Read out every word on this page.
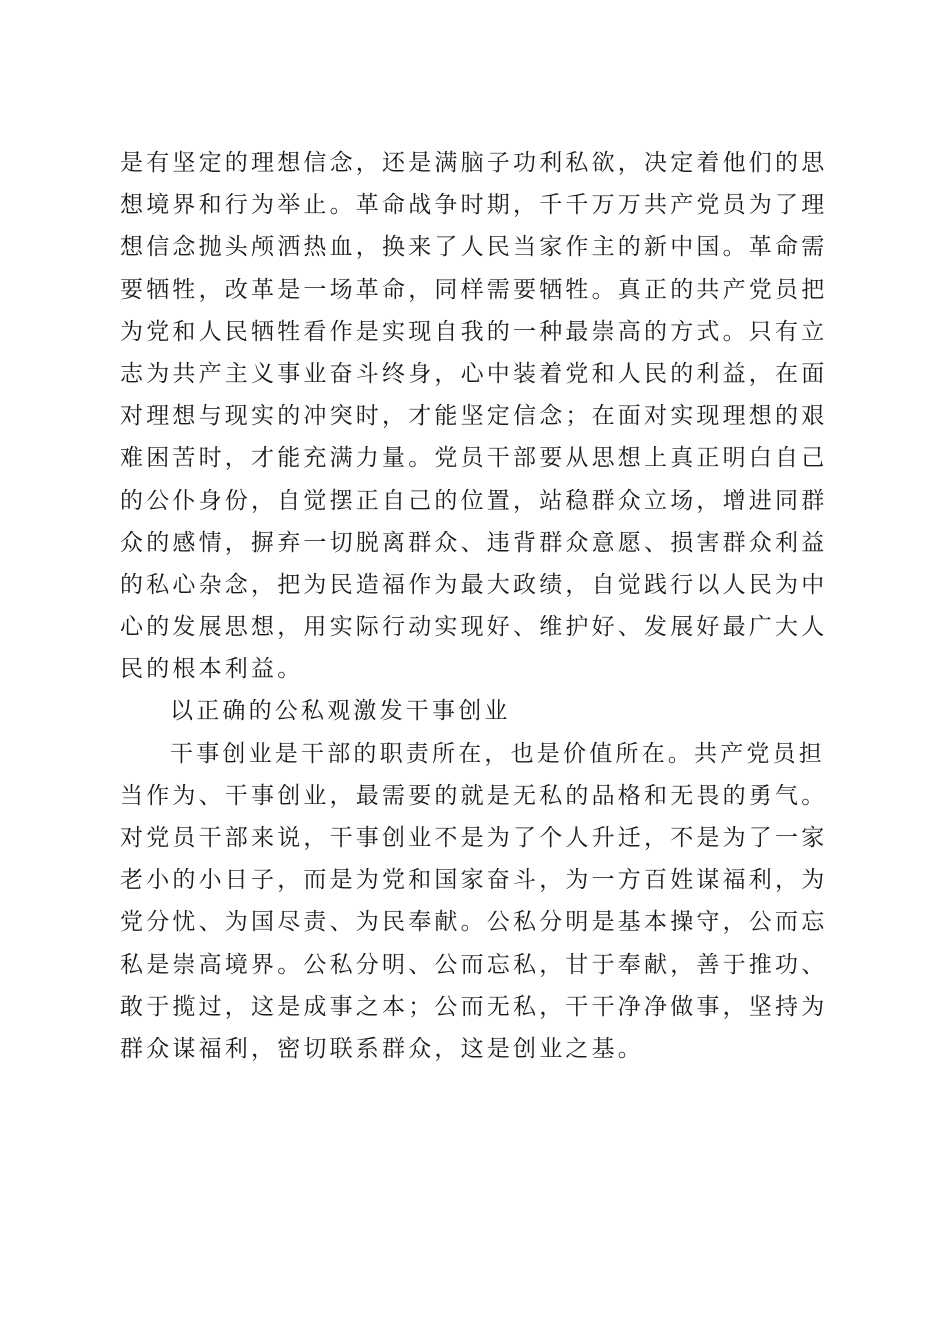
是有坚定的理想信念，还是满脑子功利私欲，决定着他们的思
想境界和行为举止。革命战争时期，千千万万共产党员为了理
想信念抛头颅洒热血，换来了人民当家作主的新中国。革命需
要牺牲，改革是一场革命，同样需要牺牲。真正的共产党员把
为党和人民牺牲看作是实现自我的一种最崇高的方式。只有立
志为共产主义事业奋斗终身，心中装着党和人民的利益，在面
对理想与现实的冲突时，才能坚定信念；在面对实现理想的艰
难困苦时，才能充满力量。党员干部要从思想上真正明白自己
的公仆身份，自觉摆正自己的位置，站稳群众立场，增进同群
众的感情，摒弃一切脱离群众、违背群众意愿、损害群众利益
的私心杂念，把为民造福作为最大政绩，自觉践行以人民为中
心的发展思想，用实际行动实现好、维护好、发展好最广大人
民的根本利益。
以正确的公私观激发干事创业
干事创业是干部的职责所在，也是价值所在。共产党员担
当作为、干事创业，最需要的就是无私的品格和无畏的勇气。
对党员干部来说，干事创业不是为了个人升迁，不是为了一家
老小的小日子，而是为党和国家奋斗，为一方百姓谋福利，为
党分忧、为国尽责、为民奉献。公私分明是基本操守，公而忘
私是崇高境界。公私分明、公而忘私，甘于奉献，善于推功、
敢于揽过，这是成事之本；公而无私，干干净净做事，坚持为
群众谋福利，密切联系群众，这是创业之基。
